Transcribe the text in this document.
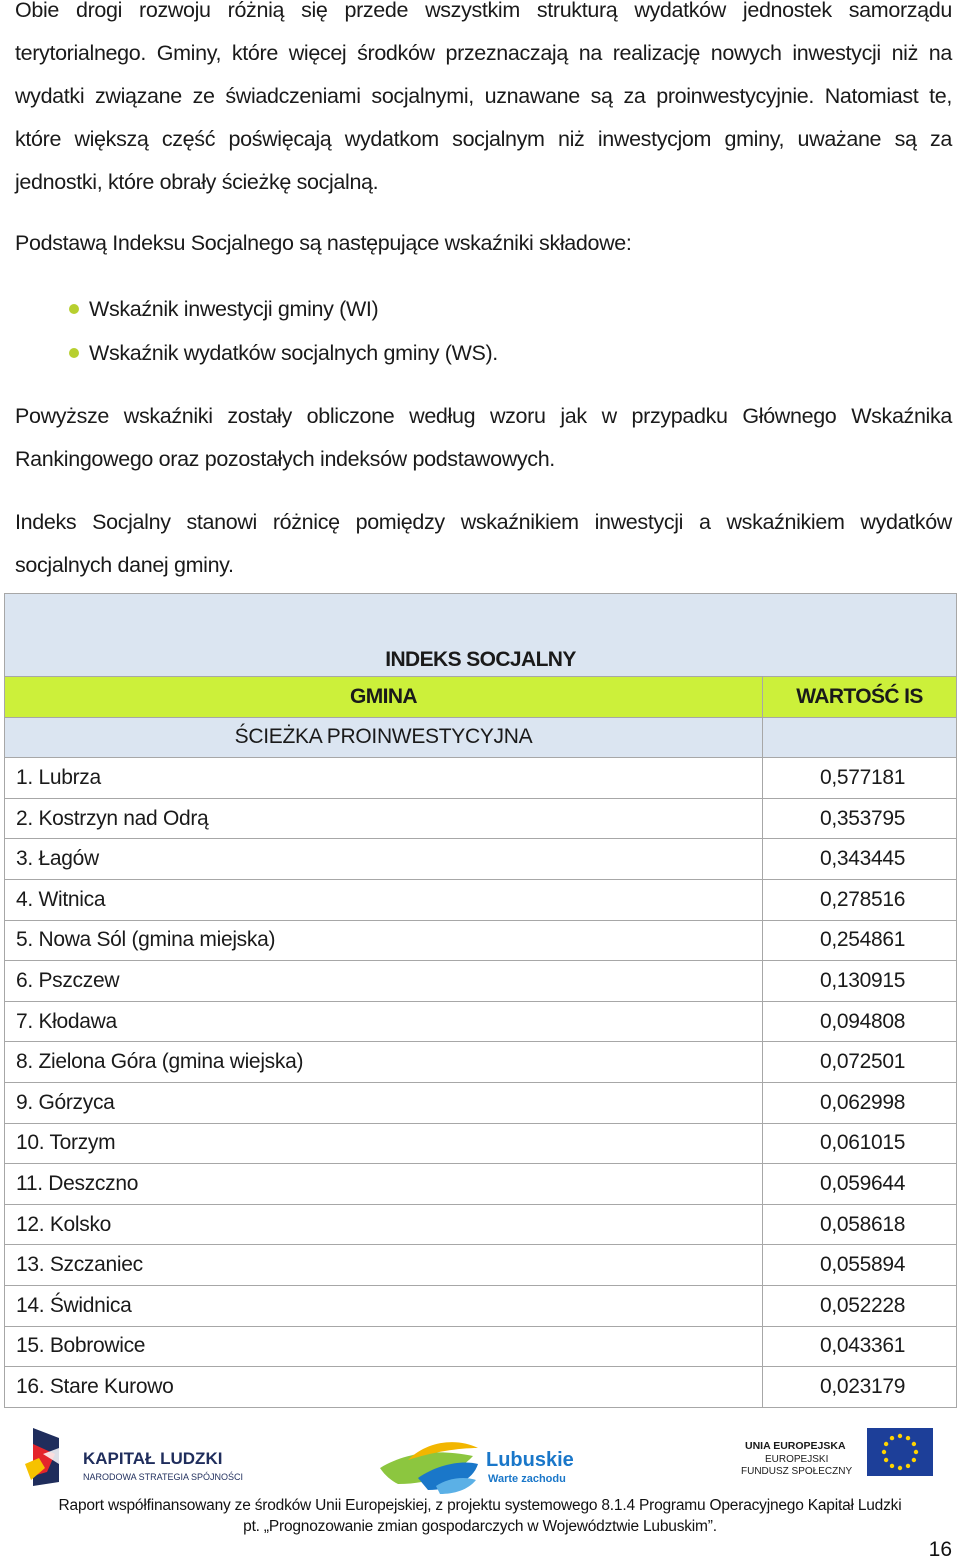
Obie drogi rozwoju różnią się przede wszystkim strukturą wydatków jednostek samorządu terytorialnego. Gminy, które więcej środków przeznaczają na realizację nowych inwestycji niż na wydatki związane ze świadczeniami socjalnymi, uznawane są za proinwestycyjnie. Natomiast te, które większą część poświęcają wydatkom socjalnym niż inwestycjom gminy, uważane są za jednostki, które obrały ścieżkę socjalną.

Podstawą Indeksu Socjalnego są następujące wskaźniki składowe:

Wskaźnik inwestycji gminy (WI)
Wskaźnik wydatków socjalnych gminy (WS).

Powyższe wskaźniki zostały obliczone według wzoru jak w przypadku Głównego Wskaźnika Rankingowego oraz pozostałych indeksów podstawowych.

Indeks Socjalny stanowi różnicę pomiędzy wskaźnikiem inwestycji a wskaźnikiem wydatków socjalnych danej gminy.

INDEKS SOCJALNY	
GMINA	WARTOŚĆ IS
ŚCIEŻKA PROINWESTYCYJNA	
1. Lubrza	0,577181
2. Kostrzyn nad Odrą	0,353795
3. Łagów	0,343445
4. Witnica	0,278516
5. Nowa Sól (gmina miejska)	0,254861
6. Pszczew	0,130915
7. Kłodawa	0,094808
8. Zielona Góra (gmina wiejska)	0,072501
9. Górzyca	0,062998
10. Torzym	0,061015
11. Deszczno	0,059644
12. Kolsko	0,058618
13. Szczaniec	0,055894
14. Świdnica	0,052228
15. Bobrowice	0,043361
16. Stare Kurowo	0,023179
KAPITAŁ LUDZKI
NARODOWA STRATEGIA SPÓJNOŚCI
Lubuskie
Warte zachodu
UNIA EUROPEJSKA
EUROPEJSKI
FUNDUSZ SPOŁECZNY
Raport współfinansowany ze środków Unii Europejskiej, z projektu systemowego 8.1.4 Programu Operacyjnego Kapitał Ludzki
pt. „Prognozowanie zmian gospodarczych w Województwie Lubuskim”.
16
